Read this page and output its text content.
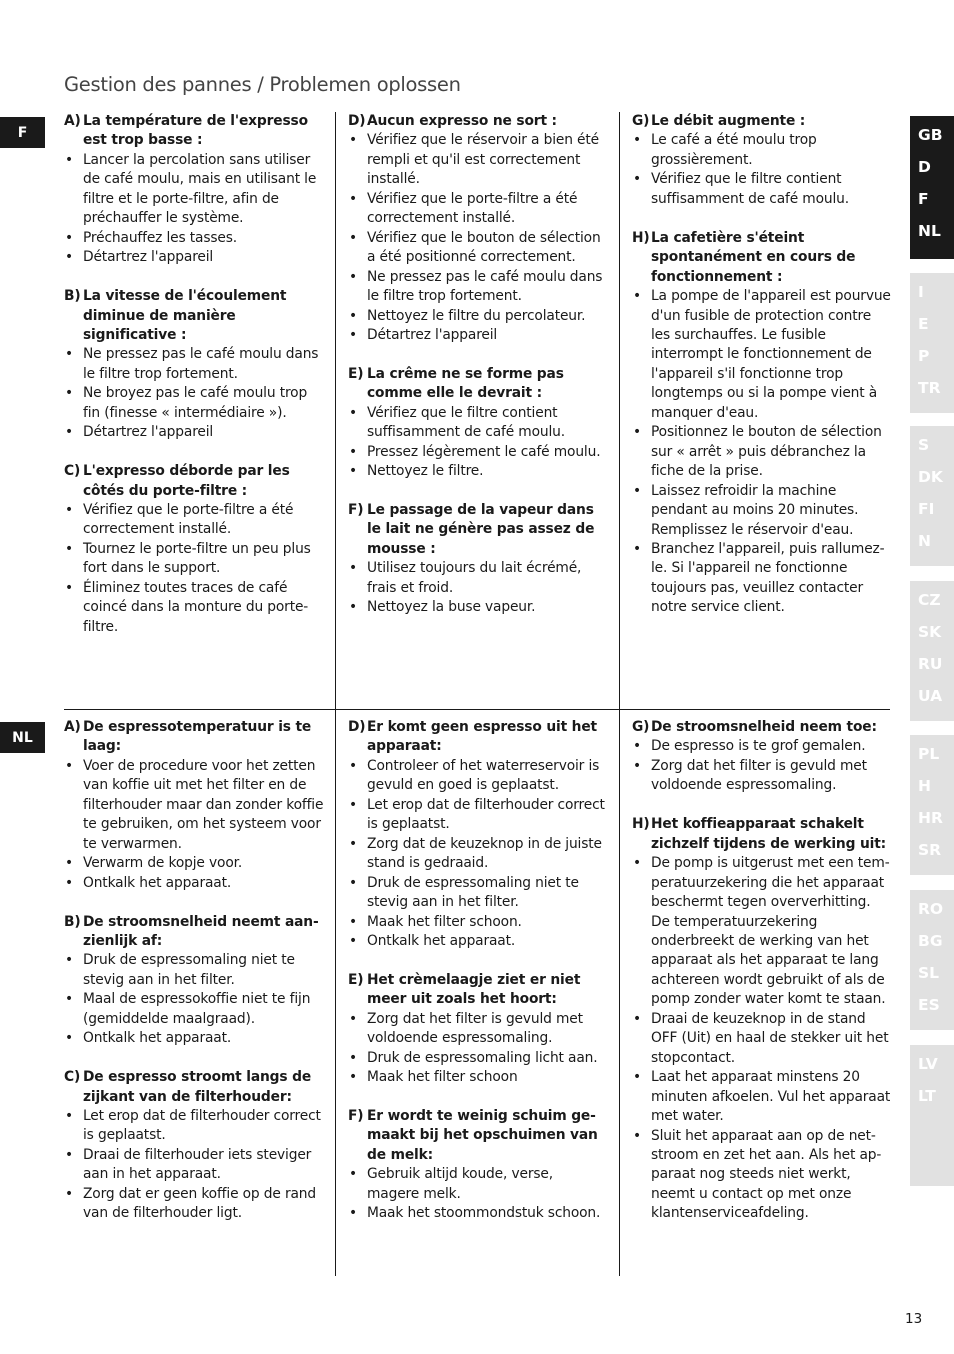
Gestion des pannes / Problemen oplossen
F
NL
GB
D
F
NL
I
E
P
TR
S
DK
FI
N
CZ
SK
RU
UA
PL
H
HR
SR
RO
BG
SL
ES
LV
LT
A) La température de l'expresso est trop basse :
• Lancer la percolation sans utiliser de café moulu, mais en utilisant le filtre et le porte-filtre, afin de préchauffer le système.
• Préchauffez les tasses.
• Détartrez l'appareil
B) La vitesse de l'écoulement diminue de manière significative :
• Ne pressez pas le café moulu dans le filtre trop fortement.
• Ne broyez pas le café moulu trop fin (finesse « intermédiaire »).
• Détartrez l'appareil
C) L'expresso déborde par les côtés du porte-filtre :
• Vérifiez que le porte-filtre a été correctement installé.
• Tournez le porte-filtre un peu plus fort dans le support.
• Éliminez toutes traces de café coincé dans la monture du porte-filtre.
D) Aucun expresso ne sort :
• Vérifiez que le réservoir a bien été rempli et qu'il est correctement installé.
• Vérifiez que le porte-filtre a été correctement installé.
• Vérifiez que le bouton de sélection a été positionné correctement.
• Ne pressez pas le café moulu dans le filtre trop fortement.
• Nettoyez le filtre du percolateur.
• Détartrez l'appareil
E) La crême ne se forme pas comme elle le devrait :
• Vérifiez que le filtre contient suffisamment de café moulu.
• Pressez légèrement le café moulu.
• Nettoyez le filtre.
F) Le passage de la vapeur dans le lait ne génère pas assez de mousse :
• Utilisez toujours du lait écrémé, frais et froid.
• Nettoyez la buse vapeur.
G) Le débit augmente :
• Le café a été moulu trop grossièrement.
• Vérifiez que le filtre contient suffisamment de café moulu.
H) La cafetière s'éteint spontanément en cours de fonctionnement :
• La pompe de l'appareil est pourvue d'un fusible de protection contre les surchauffes. Le fusible interrompt le fonctionnement de l'appareil s'il fonctionne trop longtemps ou si la pompe vient à manquer d'eau.
• Positionnez le bouton de sélection sur « arrêt » puis débranchez la fiche de la prise.
• Laissez refroidir la machine pendant au moins 20 minutes. Remplissez le réservoir d'eau.
• Branchez l'appareil, puis rallumez-le. Si l'appareil ne fonctionne toujours pas, veuillez contacter notre service client.
A) De espressotemperatuur is te laag:
• Voer de procedure voor het zetten van koffie uit met het filter en de filterhouder maar dan zonder koffie te gebruiken, om het systeem voor te verwarmen.
• Verwarm de kopje voor.
• Ontkalk het apparaat.
B) De stroomsnelheid neemt aanzienlijk af:
• Druk de espressomaling niet te stevig aan in het filter.
• Maal de espressokoffie niet te fijn (gemiddelde maalgraad).
• Ontkalk het apparaat.
C) De espresso stroomt langs de zijkant van de filterhouder:
• Let erop dat de filterhouder correct is geplaatst.
• Draai de filterhouder iets steviger aan in het apparaat.
• Zorg dat er geen koffie op de rand van de filterhouder ligt.
D) Er komt geen espresso uit het apparaat:
• Controleer of het waterreservoir is gevuld en goed is geplaatst.
• Let erop dat de filterhouder correct is geplaatst.
• Zorg dat de keuzeknop in de juiste stand is gedraaid.
• Druk de espressomaling niet te stevig aan in het filter.
• Maak het filter schoon.
• Ontkalk het apparaat.
E) Het crèmelaagje ziet er niet meer uit zoals het hoort:
• Zorg dat het filter is gevuld met voldoende espressomaling.
• Druk de espressomaling licht aan.
• Maak het filter schoon
F) Er wordt te weinig schuim gemaakt bij het opschuimen van de melk:
• Gebruik altijd koude, verse, magere melk.
• Maak het stoommondstuk schoon.
G) De stroomsnelheid neem toe:
• De espresso is te grof gemalen.
• Zorg dat het filter is gevuld met voldoende espressomaling.
H) Het koffieapparaat schakelt zichzelf tijdens de werking uit:
• De pomp is uitgerust met een temperatuurzekering die het apparaat beschermt tegen oververhitting. De temperatuurzekering onderbreekt de werking van het apparaat als het apparaat te lang achtereen wordt gebruikt of als de pomp zonder water komt te staan.
• Draai de keuzeknop in de stand OFF (Uit) en haal de stekker uit het stopcontact.
• Laat het apparaat minstens 20 minuten afkoelen. Vul het apparaat met water.
• Sluit het apparaat aan op de netstroom en zet het aan. Als het apparaat nog steeds niet werkt, neemt u contact op met onze klantenserviceafdeling.
13
